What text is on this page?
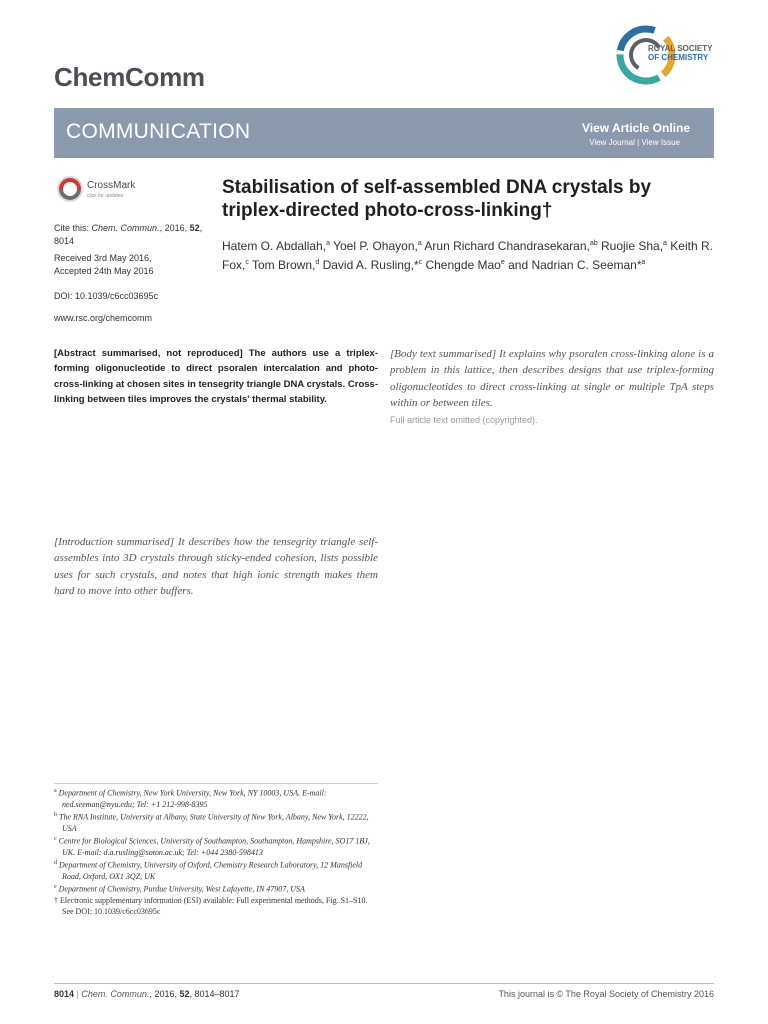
ChemComm
ROYAL SOCIETY
OF CHEMISTRY
COMMUNICATION	View Article Online
View Journal | View Issue
CrossMark
click for updates
Cite this: Chem. Commun., 2016, 52, 8014
Received 3rd May 2016,
Accepted 24th May 2016
DOI: 10.1039/c6cc03695c
www.rsc.org/chemcomm
Stabilisation of self-assembled DNA crystals by triplex-directed photo-cross-linking†
Hatem O. Abdallah,$^a$ Yoel P. Ohayon,$^a$ Arun Richard Chandrasekaran,$^{ab}$ Ruojie Sha,$^a$ Keith R. Fox,$^c$ Tom Brown,$^d$ David A. Rusling,*$^c$ Chengde Mao$^e$ and Nadrian C. Seeman*$^a$
[Abstract summarised, not reproduced] The authors use a triplex-forming oligonucleotide to direct psoralen intercalation and photo-cross-linking at chosen sites in tensegrity triangle DNA crystals. Cross-linking between tiles improves the crystals' thermal stability.

[Introduction summarised] It describes how the tensegrity triangle self-assembles into 3D crystals through sticky-ended cohesion, lists possible uses for such crystals, and notes that high ionic strength makes them hard to move into other buffers.

[Body text summarised] It explains why psoralen cross-linking alone is a problem in this lattice, then describes designs that use triplex-forming oligonucleotides to direct cross-linking at single or multiple TpA steps within or between tiles.

Full article text omitted (copyrighted).

$^a$ Department of Chemistry, New York University, New York, NY 10003, USA. E-mail: ned.seeman@nyu.edu; Tel: +1 212-998-8395
$^b$ The RNA Institute, University at Albany, State University of New York, Albany, New York, 12222, USA
$^c$ Centre for Biological Sciences, University of Southampton, Southampton, Hampshire, SO17 1BJ, UK. E-mail: d.a.rusling@soton.ac.uk; Tel: +044 2380-598413
$^d$ Department of Chemistry, University of Oxford, Chemistry Research Laboratory, 12 Mansfield Road, Oxford, OX1 3QZ, UK
$^e$ Department of Chemistry, Purdue University, West Lafayette, IN 47907, USA
† Electronic supplementary information (ESI) available: Full experimental methods, Fig. S1–S10. See DOI: 10.1039/c6cc03695c
8014 | Chem. Commun., 2016, 52, 8014–8017	This journal is © The Royal Society of Chemistry 2016
